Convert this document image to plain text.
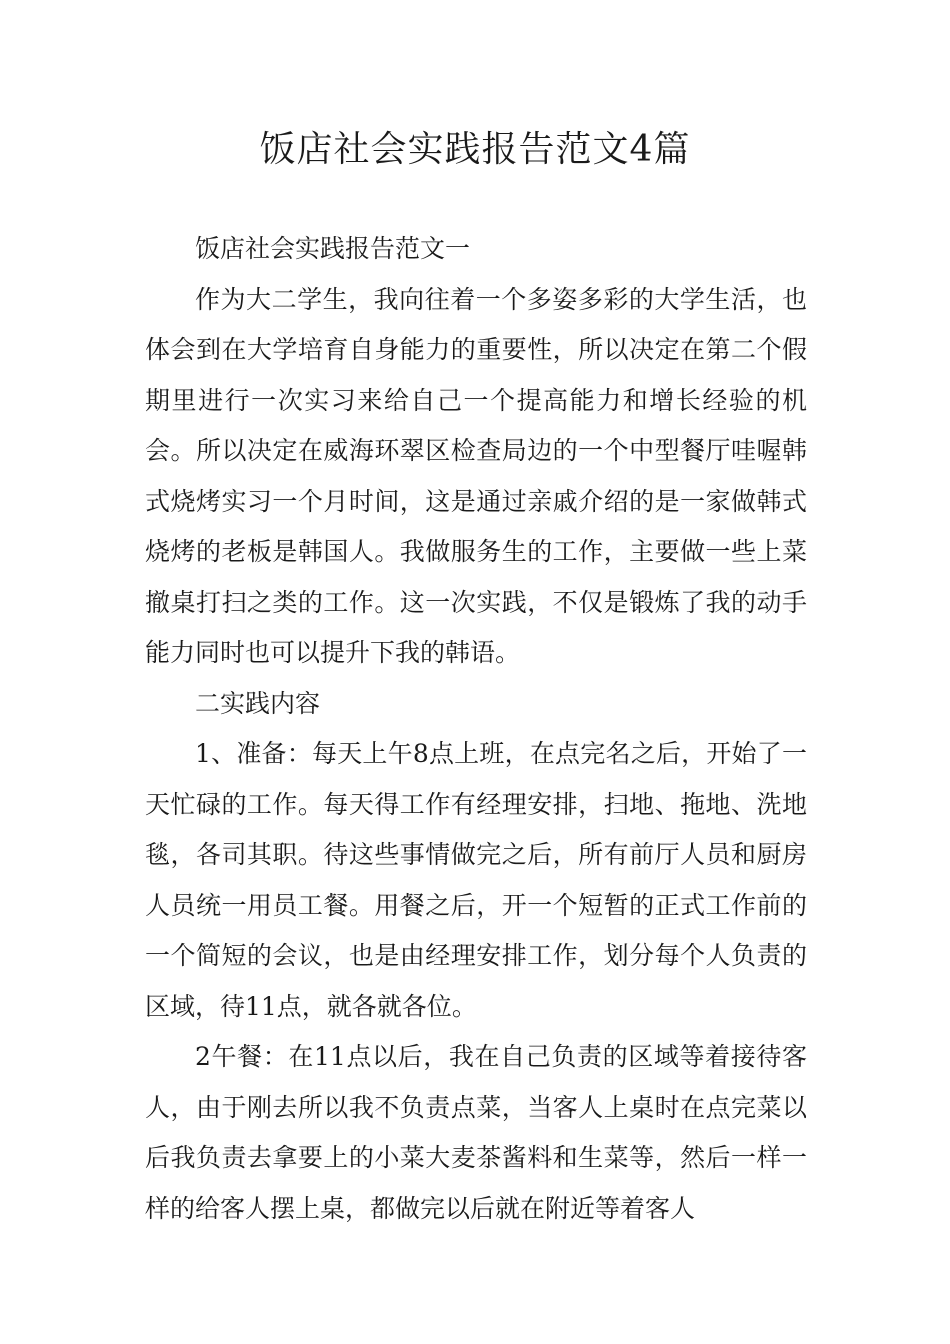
饭店社会实践报告范文4篇

饭店社会实践报告范文一

作为大二学生，我向往着一个多姿多彩的大学生活，也体会到在大学培育自身能力的重要性，所以决定在第二个假期里进行一次实习来给自己一个提高能力和增长经验的机会。所以决定在威海环翠区检查局边的一个中型餐厅哇喔韩式烧烤实习一个月时间，这是通过亲戚介绍的是一家做韩式烧烤的老板是韩国人。我做服务生的工作，主要做一些上菜撤桌打扫之类的工作。这一次实践，不仅是锻炼了我的动手能力同时也可以提升下我的韩语。

二实践内容

1、准备：每天上午8点上班，在点完名之后，开始了一天忙碌的工作。每天得工作有经理安排，扫地、拖地、洗地毯，各司其职。待这些事情做完之后，所有前厅人员和厨房人员统一用员工餐。用餐之后，开一个短暂的正式工作前的一个简短的会议，也是由经理安排工作，划分每个人负责的区域，待11点，就各就各位。

2午餐：在11点以后，我在自己负责的区域等着接待客人，由于刚去所以我不负责点菜，当客人上桌时在点完菜以后我负责去拿要上的小菜大麦茶酱料和生菜等，然后一样一样的给客人摆上桌，都做完以后就在附近等着客人
